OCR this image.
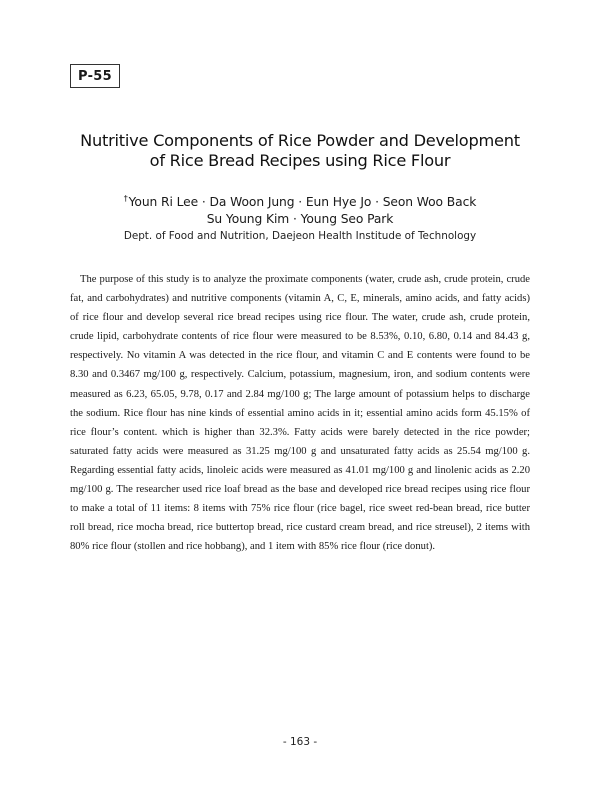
P-55
Nutritive Components of Rice Powder and Development
of Rice Bread Recipes using Rice Flour
†Youn Ri Lee · Da Woon Jung · Eun Hye Jo · Seon Woo Back
Su Young Kim · Young Seo Park
Dept. of Food and Nutrition, Daejeon Health Institude of Technology

The purpose of this study is to analyze the proximate components (water, crude ash, crude protein, crude fat, and carbohydrates) and nutritive components (vitamin A, C, E, minerals, amino acids, and fatty acids) of rice flour and develop several rice bread recipes using rice flour. The water, crude ash, crude protein, crude lipid, carbohydrate contents of rice flour were measured to be 8.53%, 0.10, 6.80, 0.14 and 84.43 g, respectively. No vitamin A was detected in the rice flour, and vitamin C and E contents were found to be 8.30 and 0.3467 mg/100 g, respectively. Calcium, potassium, magnesium, iron, and sodium contents were measured as 6.23, 65.05, 9.78, 0.17 and 2.84 mg/100 g; The large amount of potassium helps to discharge the sodium. Rice flour has nine kinds of essential amino acids in it; essential amino acids form 45.15% of rice flour’s content. which is higher than 32.3%. Fatty acids were barely detected in the rice powder; saturated fatty acids were measured as 31.25 mg/100 g and unsaturated fatty acids as 25.54 mg/100 g. Regarding essential fatty acids, linoleic acids were measured as 41.01 mg/100 g and linolenic acids as 2.20 mg/100 g. The researcher used rice loaf bread as the base and developed rice bread recipes using rice flour to make a total of 11 items: 8 items with 75% rice flour (rice bagel, rice sweet red-bean bread, rice butter roll bread, rice mocha bread, rice buttertop bread, rice custard cream bread, and rice streusel), 2 items with 80% rice flour (stollen and rice hobbang), and 1 item with 85% rice flour (rice donut).

- 163 -
